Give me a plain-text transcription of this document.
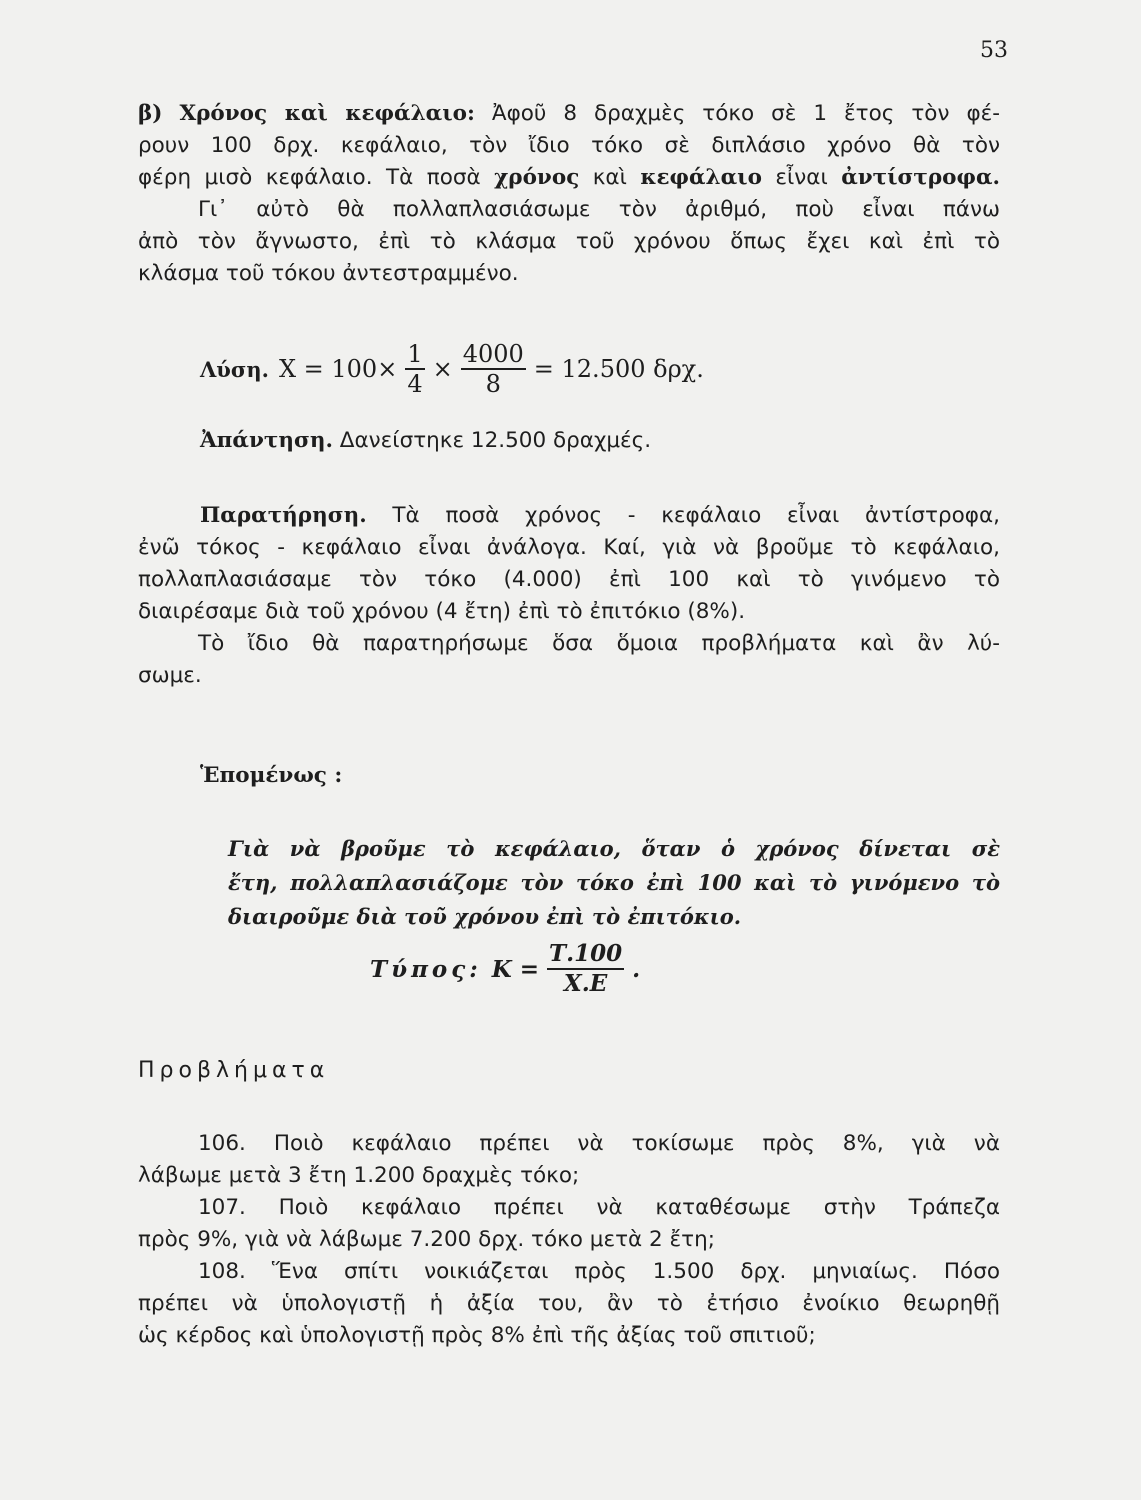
53
β) Χρόνος καὶ κεφάλαιο: Ἀφοῦ 8 δραχμὲς τόκο σὲ 1 ἔτος τὸν φέ-
ρουν 100 δρχ. κεφάλαιο, τὸν ἴδιο τόκο σὲ διπλάσιο χρόνο θὰ τὸν
φέρη μισὸ κεφάλαιο. Τὰ ποσὰ χρόνος καὶ κεφάλαιο εἶναι ἀντίστροφα.
Γι᾽ αὐτὸ θὰ πολλαπλασιάσωμε τὸν ἀριθμό, ποὺ εἶναι πάνω
ἀπὸ τὸν ἄγνωστο, ἐπὶ τὸ κλάσμα τοῦ χρόνου ὅπως ἔχει καὶ ἐπὶ τὸ
κλάσμα τοῦ τόκου ἀντεστραμμένο.
Λύση. $X = 100\times \frac{1}{4} \times \frac{4000}{8} = 12.500$ δρχ.
Ἀπάντηση. Δανείστηκε 12.500 δραχμές.
Παρατήρηση. Τὰ ποσὰ χρόνος - κεφάλαιο εἶναι ἀντίστροφα,
ἐνῶ τόκος - κεφάλαιο εἶναι ἀνάλογα. Καί, γιὰ νὰ βροῦμε τὸ κεφάλαιο,
πολλαπλασιάσαμε τὸν τόκο (4.000) ἐπὶ 100 καὶ τὸ γινόμενο τὸ
διαιρέσαμε διὰ τοῦ χρόνου (4 ἔτη) ἐπὶ τὸ ἐπιτόκιο (8%).
Τὸ ἴδιο θὰ παρατηρήσωμε ὅσα ὅμοια προβλήματα καὶ ἂν λύ-
σωμε.
Ἑπομένως :
Γιὰ νὰ βροῦμε τὸ κεφάλαιο, ὅταν ὁ χρόνος δίνεται σὲ
ἔτη, πολλαπλασιάζομε τὸν τόκο ἐπὶ 100 καὶ τὸ γινόμενο τὸ
διαιροῦμε διὰ τοῦ χρόνου ἐπὶ τὸ ἐπιτόκιο.
Τύπος: $K = \frac{T.100}{X.E}$ .
Προβλήματα
106. Ποιὸ κεφάλαιο πρέπει νὰ τοκίσωμε πρὸς 8%, γιὰ νὰ
λάβωμε μετὰ 3 ἔτη 1.200 δραχμὲς τόκο;
107. Ποιὸ κεφάλαιο πρέπει νὰ καταθέσωμε στὴν Τράπεζα
πρὸς 9%, γιὰ νὰ λάβωμε 7.200 δρχ. τόκο μετὰ 2 ἔτη;
108. Ἕνα σπίτι νοικιάζεται πρὸς 1.500 δρχ. μηνιαίως. Πόσο
πρέπει νὰ ὑπολογιστῇ ἡ ἀξία του, ἂν τὸ ἐτήσιο ἐνοίκιο θεωρηθῇ
ὡς κέρδος καὶ ὑπολογιστῇ πρὸς 8% ἐπὶ τῆς ἀξίας τοῦ σπιτιοῦ;
